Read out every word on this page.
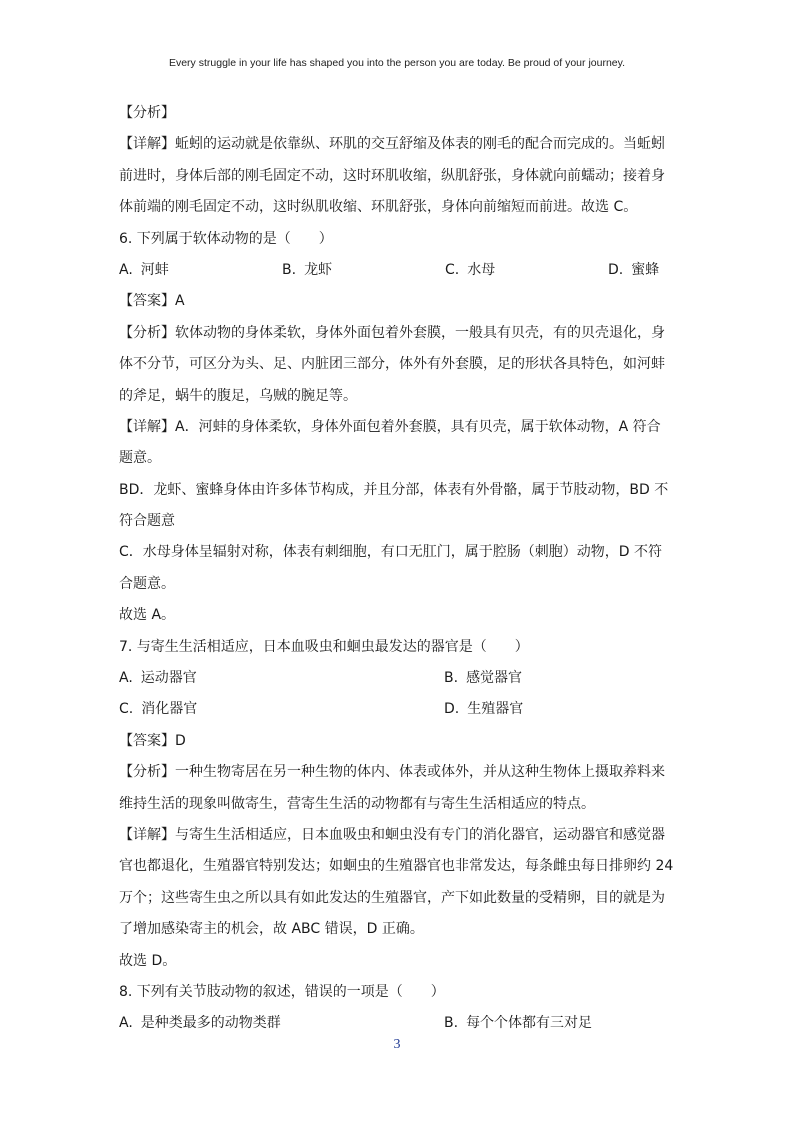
Every struggle in your life has shaped you into the person you are today. Be proud of your journey.
【分析】
【详解】蚯蚓的运动就是依靠纵、环肌的交互舒缩及体表的刚毛的配合而完成的。当蚯蚓
前进时，身体后部的刚毛固定不动，这时环肌收缩，纵肌舒张，身体就向前蠕动；接着身
体前端的刚毛固定不动，这时纵肌收缩、环肌舒张，身体向前缩短而前进。故选 C。
6. 下列属于软体动物的是（　　）
A. 河蚌	B. 龙虾	C. 水母	D. 蜜蜂
【答案】A
【分析】软体动物的身体柔软，身体外面包着外套膜，一般具有贝壳，有的贝壳退化，身
体不分节，可区分为头、足、内脏团三部分，体外有外套膜，足的形状各具特色，如河蚌
的斧足，蜗牛的腹足，乌贼的腕足等。
【详解】A．河蚌的身体柔软，身体外面包着外套膜，具有贝壳，属于软体动物，A 符合
题意。
BD．龙虾、蜜蜂身体由许多体节构成，并且分部，体表有外骨骼，属于节肢动物，BD 不
符合题意
C．水母身体呈辐射对称，体表有刺细胞，有口无肛门，属于腔肠（刺胞）动物，D 不符
合题意。
故选 A。
7. 与寄生生活相适应，日本血吸虫和蛔虫最发达的器官是（　　）
A. 运动器官	B. 感觉器官
C. 消化器官	D. 生殖器官
【答案】D
【分析】一种生物寄居在另一种生物的体内、体表或体外，并从这种生物体上摄取养料来
维持生活的现象叫做寄生，营寄生生活的动物都有与寄生生活相适应的特点。
【详解】与寄生生活相适应，日本血吸虫和蛔虫没有专门的消化器官，运动器官和感觉器
官也都退化，生殖器官特别发达；如蛔虫的生殖器官也非常发达，每条雌虫每日排卵约 24
万个；这些寄生虫之所以具有如此发达的生殖器官，产下如此数量的受精卵，目的就是为
了增加感染寄主的机会，故 ABC 错误，D 正确。
故选 D。
8. 下列有关节肢动物的叙述，错误的一项是（　　）
A. 是种类最多的动物类群	B. 每个个体都有三对足
3
